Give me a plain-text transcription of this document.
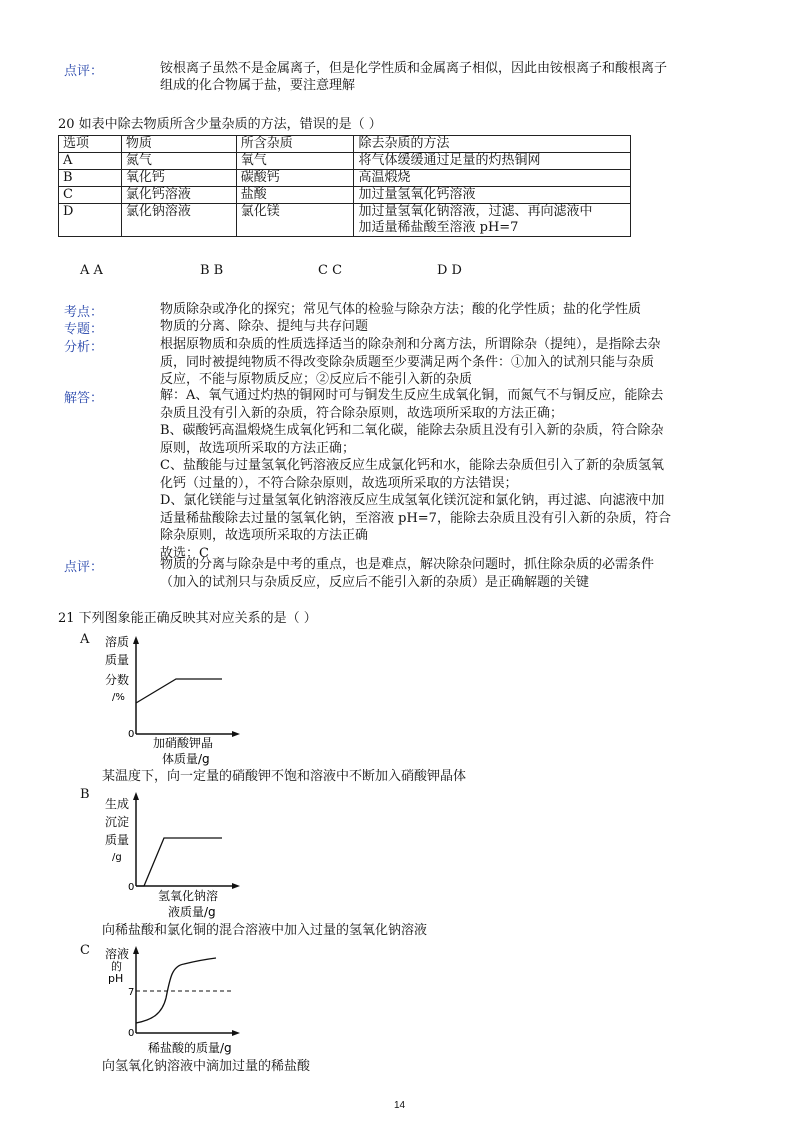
点评：	铵根离子虽然不是金属离子，但是化学性质和金属离子相似，因此由铵根离子和酸根离子
组成的化合物属于盐，要注意理解
20 如表中除去物质所含少量杂质的方法，错误的是（ ）
选项	物质	所含杂质	除去杂质的方法
A	氮气	氧气	将气体缓缓通过足量的灼热铜网
B	氧化钙	碳酸钙	高温煅烧
C	氯化钙溶液	盐酸	加过量氢氧化钙溶液
D	氯化钠溶液	氯化镁	加过量氢氧化钠溶液，过滤、再向滤液中
加适量稀盐酸至溶液 pH=7
A A	B B	C C	D D
考点：	物质除杂或净化的探究；常见气体的检验与除杂方法；酸的化学性质；盐的化学性质
专题：	物质的分离、除杂、提纯与共存问题
分析：	根据原物质和杂质的性质选择适当的除杂剂和分离方法，所谓除杂（提纯），是指除去杂
质，同时被提纯物质不得改变除杂质题至少要满足两个条件：①加入的试剂只能与杂质
反应，不能与原物质反应；②反应后不能引入新的杂质
解答：	解：A、氧气通过灼热的铜网时可与铜发生反应生成氧化铜，而氮气不与铜反应，能除去
杂质且没有引入新的杂质，符合除杂原则，故选项所采取的方法正确；
B、碳酸钙高温煅烧生成氧化钙和二氧化碳，能除去杂质且没有引入新的杂质，符合除杂
原则，故选项所采取的方法正确；
C、盐酸能与过量氢氧化钙溶液反应生成氯化钙和水，能除去杂质但引入了新的杂质氢氧
化钙（过量的），不符合除杂原则，故选项所采取的方法错误；
D、氯化镁能与过量氢氧化钠溶液反应生成氢氧化镁沉淀和氯化钠，再过滤、向滤液中加
适量稀盐酸除去过量的氢氧化钠，至溶液 pH=7，能除去杂质且没有引入新的杂质，符合
除杂原则，故选项所采取的方法正确
故选：C
点评：	物质的分离与除杂是中考的重点，也是难点，解决除杂问题时，抓住除杂质的必需条件
（加入的试剂只与杂质反应，反应后不能引入新的杂质）是正确解题的关键
21 下列图象能正确反映其对应关系的是（ ）
A 溶质
质量
分数
/%
0
加硝酸钾晶
体质量/g
某温度下，向一定量的硝酸钾不饱和溶液中不断加入硝酸钾晶体
B
生成
沉淀
质量
/g
0
氢氧化钠溶
液质量/g
向稀盐酸和氯化铜的混合溶液中加入过量的氢氧化钠溶液
C 溶液
的
pH
7
0
稀盐酸的质量/g
向氢氧化钠溶液中滴加过量的稀盐酸
14
